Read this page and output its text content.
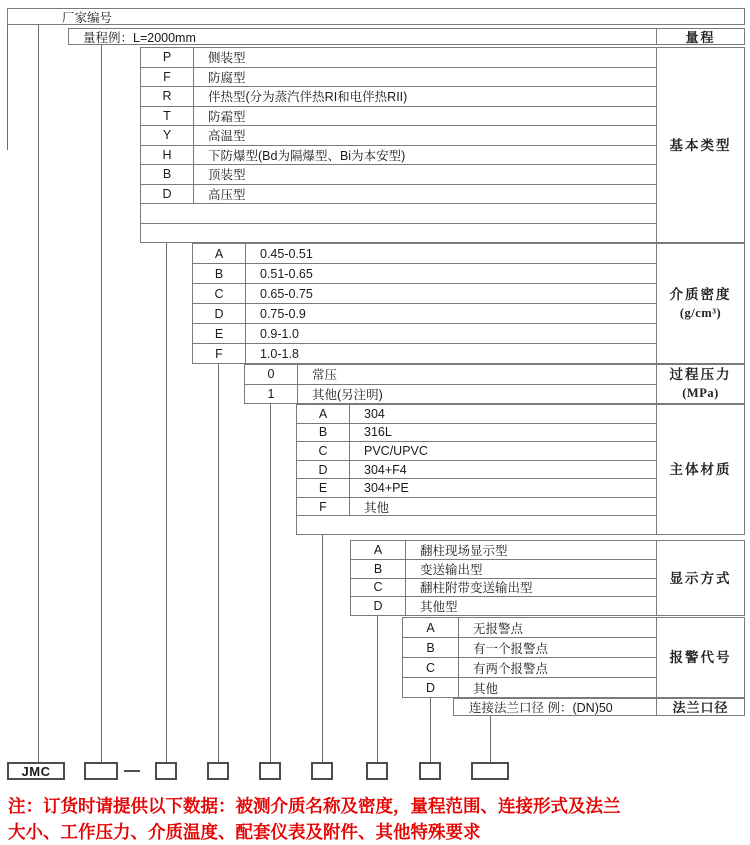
厂家编号
量程例：L=2000mm	量程
P	侧装型
F	防腐型
R	伴热型(分为蒸汽伴热RI和电伴热RII)
T	防霜型
Y	高温型
H	下防爆型(Bd为隔爆型、Bi为本安型)
B	顶装型
D	高压型
基本类型
A	0.45-0.51
B	0.51-0.65
C	0.65-0.75
D	0.75-0.9
E	0.9-1.0
F	1.0-1.8
介质密度
(g/cm³)
0	常压
1	其他(另注明)
过程压力
(MPa)
A	304
B	316L
C	PVC/UPVC
D	304+F4
E	304+PE
F	其他
主体材质
A	翻柱现场显示型
B	变送输出型
C	翻柱附带变送输出型
D	其他型
显示方式
A	无报警点
B	有一个报警点
C	有两个报警点
D	其他
报警代号
连接法兰口径 例：(DN)50	法兰口径
JMC
注：订货时请提供以下数据：被测介质名称及密度，量程范围、连接形式及法兰
大小、工作压力、介质温度、配套仪表及附件、其他特殊要求
